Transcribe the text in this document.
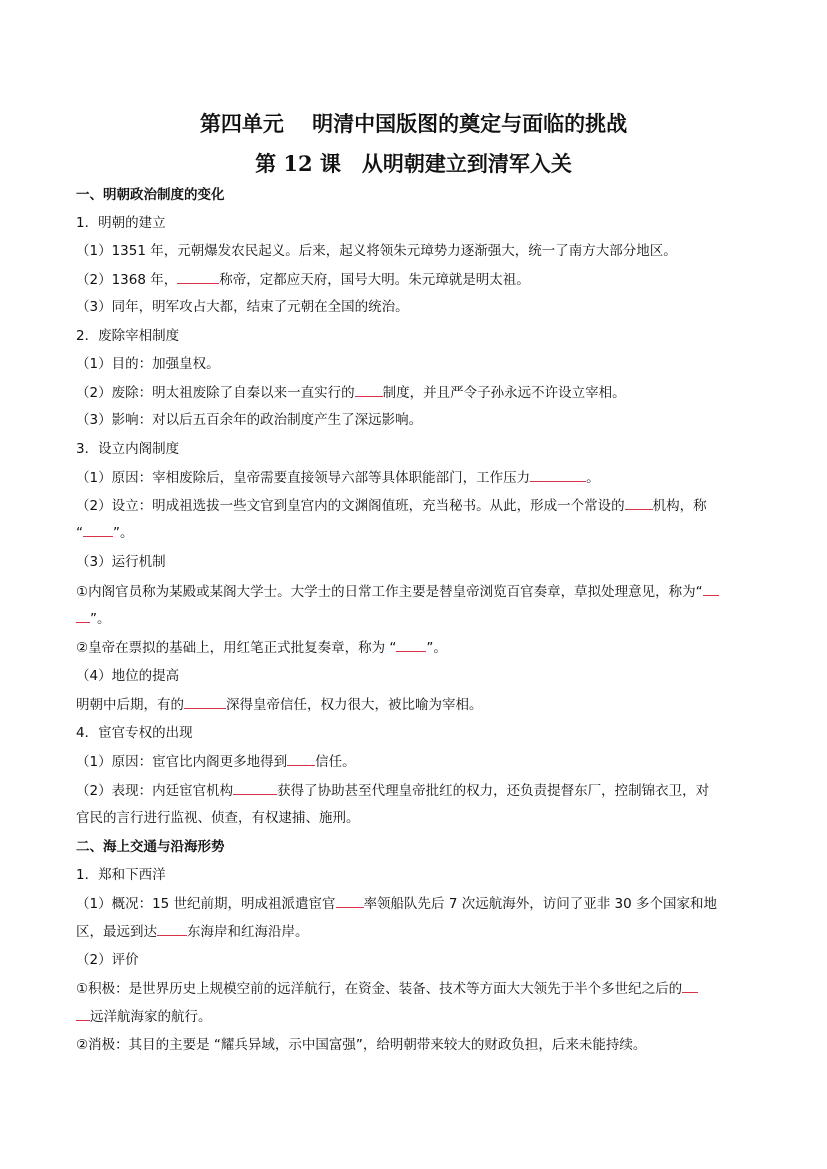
第四单元　 明清中国版图的奠定与面临的挑战
第 12 课　从明朝建立到清军入关
一、明朝政治制度的变化
1．明朝的建立
（1）1351 年，元朝爆发农民起义。后来，起义将领朱元璋势力逐渐强大，统一了南方大部分地区。
（2）1368 年，	称帝，定都应天府，国号大明。朱元璋就是明太祖。
（3）同年，明军攻占大都，结束了元朝在全国的统治。
2．废除宰相制度
（1）目的：加强皇权。
（2）废除：明太祖废除了自秦以来一直实行的 制度，并且严令子孙永远不许设立宰相。
（3）影响：对以后五百余年的政治制度产生了深远影响。
3．设立内阁制度
（1）原因：宰相废除后，皇帝需要直接领导六部等具体职能部门，工作压力	。
（2）设立：明成祖选拔一些文官到皇宫内的文渊阁值班，充当秘书。从此，形成一个常设的 机构，称
“ ”。
（3）运行机制
①内阁官员称为某殿或某阁大学士。大学士的日常工作主要是替皇帝浏览百官奏章，草拟处理意见，称为“
”。
②皇帝在票拟的基础上，用红笔正式批复奏章，称为 “ ”。
（4）地位的提高
明朝中后期，有的	深得皇帝信任，权力很大，被比喻为宰相。
4．宦官专权的出现
（1）原因：宦官比内阁更多地得到 信任。
（2）表现：内廷宦官机构	获得了协助甚至代理皇帝批红的权力，还负责提督东厂，控制锦衣卫，对
官民的言行进行监视、侦查，有权逮捕、施刑。
二、海上交通与沿海形势
1．郑和下西洋
（1）概况：15 世纪前期，明成祖派遣宦官 率领船队先后 7 次远航海外，访问了亚非 30 多个国家和地
区，最远到达 东海岸和红海沿岸。
（2）评价
①积极：是世界历史上规模空前的远洋航行，在资金、装备、技术等方面大大领先于半个多世纪之后的
远洋航海家的航行。
②消极：其目的主要是 “耀兵异域，示中国富强”，给明朝带来较大的财政负担，后来未能持续。
